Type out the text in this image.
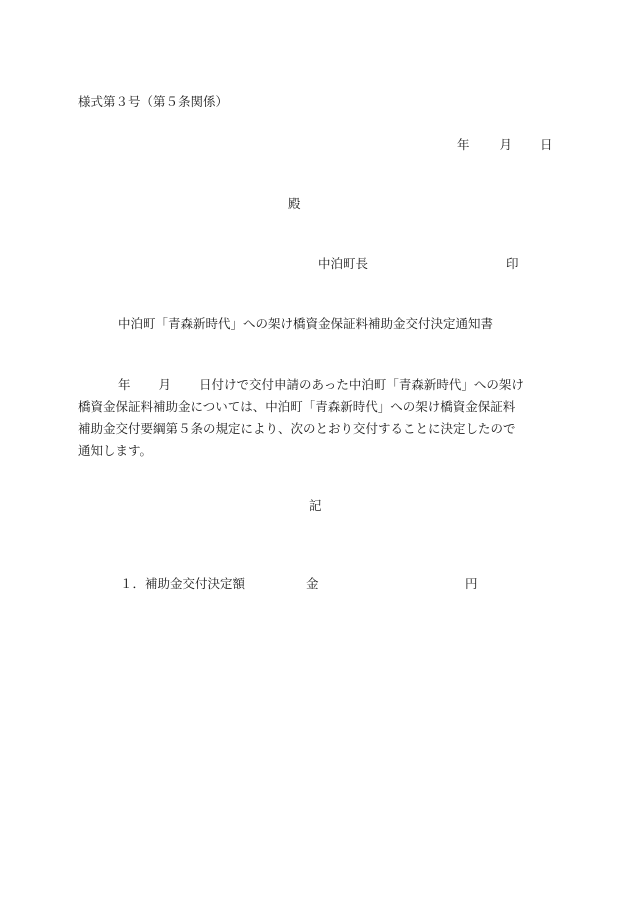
様式第３号（第５条関係）
年 月 日
殿
中泊町長	印
中泊町「青森新時代」への架け橋資金保証料補助金交付決定通知書
年 月 日付けで交付申請のあった中泊町「青森新時代」への架け
橋資金保証料補助金については、中泊町「青森新時代」への架け橋資金保証料
補助金交付要綱第５条の規定により、次のとおり交付することに決定したので
通知します。
記
１．補助金交付決定額	金	円
